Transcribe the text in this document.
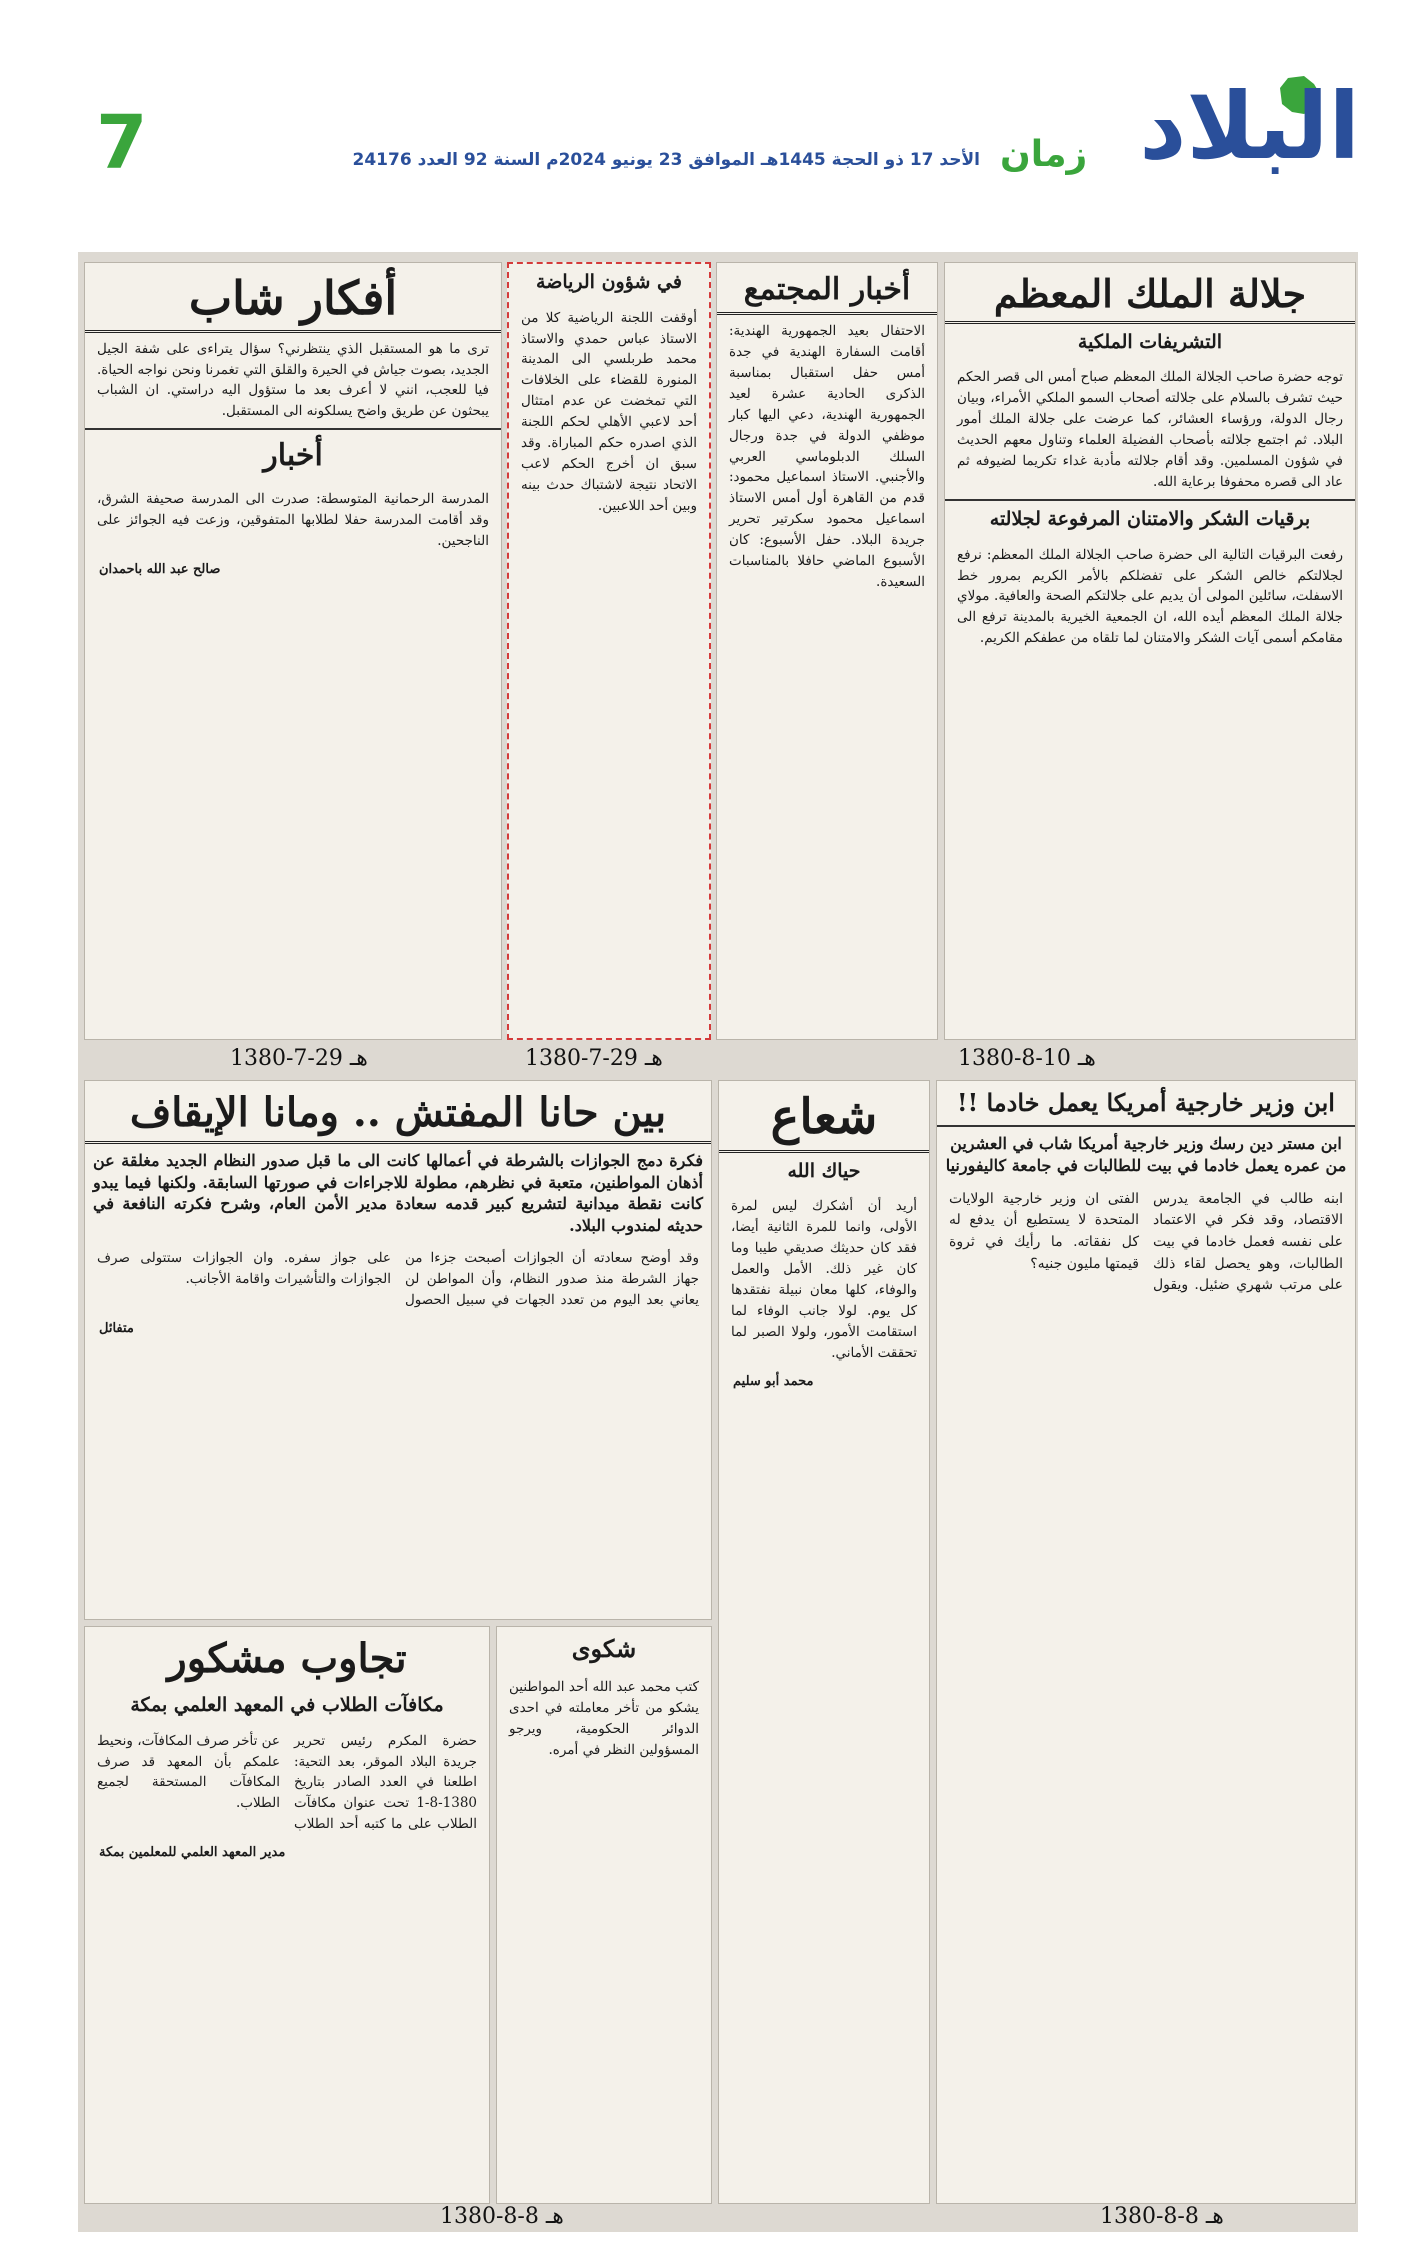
7	الأحد 17 ذو الحجة 1445هـ الموافق 23 يونيو 2024م السنة 92 العدد 24176 زمان البلاد
جلالة الملك المعظم
التشريفات الملكية
توجه حضرة صاحب الجلالة الملك المعظم صباح أمس الى قصر الحكم حيث تشرف بالسلام على جلالته أصحاب السمو الملكي الأمراء، وبيان رجال الدولة، ورؤساء العشائر، كما عرضت على جلالة الملك أمور البلاد. ثم اجتمع جلالته بأصحاب الفضيلة العلماء وتناول معهم الحديث في شؤون المسلمين. وقد أقام جلالته مأدبة غداء تكريما لضيوفه ثم عاد الى قصره محفوفا برعاية الله.
برقيات الشكر والامتنان المرفوعة لجلالته
رفعت البرقيات التالية الى حضرة صاحب الجلالة الملك المعظم: نرفع لجلالتكم خالص الشكر على تفضلكم بالأمر الكريم بمرور خط الاسفلت، سائلين المولى أن يديم على جلالتكم الصحة والعافية. مولاي جلالة الملك المعظم أيده الله، ان الجمعية الخيرية بالمدينة ترفع الى مقامكم أسمى آيات الشكر والامتنان لما تلقاه من عطفكم الكريم.
أخبار المجتمع
الاحتفال بعيد الجمهورية الهندية: أقامت السفارة الهندية في جدة أمس حفل استقبال بمناسبة الذكرى الحادية عشرة لعيد الجمهورية الهندية، دعي اليها كبار موظفي الدولة في جدة ورجال السلك الدبلوماسي العربي والأجنبي. الاستاذ اسماعيل محمود: قدم من القاهرة أول أمس الاستاذ اسماعيل محمود سكرتير تحرير جريدة البلاد. حفل الأسبوع: كان الأسبوع الماضي حافلا بالمناسبات السعيدة.
في شؤون الرياضة
أوقفت اللجنة الرياضية كلا من الاستاذ عباس حمدي والاستاذ محمد طربلسي الى المدينة المنورة للقضاء على الخلافات التي تمخضت عن عدم امتثال أحد لاعبي الأهلي لحكم اللجنة الذي اصدره حكم المباراة. وقد سبق ان أخرج الحكم لاعب الاتحاد نتيجة لاشتباك حدث بينه وبين أحد اللاعبين.
أفكار شاب
ترى ما هو المستقبل الذي ينتظرني؟ سؤال يتراءى على شفة الجيل الجديد، بصوت جياش في الحيرة والقلق التي تغمرنا ونحن نواجه الحياة. فيا للعجب، انني لا أعرف بعد ما ستؤول اليه دراستي. ان الشباب يبحثون عن طريق واضح يسلكونه الى المستقبل.
أخبار
المدرسة الرحمانية المتوسطة: صدرت الى المدرسة صحيفة الشرق، وقد أقامت المدرسة حفلا لطلابها المتفوقين، وزعت فيه الجوائز على الناجحين.
صالح عبد الله باحمدان
1380-8-10 هـ
1380-7-29 هـ
1380-7-29 هـ
بين حانا المفتش .. ومانا الإيقاف
فكرة دمج الجوازات بالشرطة في أعمالها كانت الى ما قبل صدور النظام الجديد مغلقة عن أذهان المواطنين، متعبة في نظرهم، مطولة للاجراءات في صورتها السابقة. ولكنها فيما يبدو كانت نقطة ميدانية لتشريع كبير قدمه سعادة مدير الأمن العام، وشرح فكرته النافعة في حديثه لمندوب البلاد.
وقد أوضح سعادته أن الجوازات أصبحت جزءا من جهاز الشرطة منذ صدور النظام، وأن المواطن لن يعاني بعد اليوم من تعدد الجهات في سبيل الحصول على جواز سفره. وان الجوازات ستتولى صرف الجوازات والتأشيرات واقامة الأجانب.
متفائل
تجاوب مشكور
مكافآت الطلاب في المعهد العلمي بمكة
حضرة المكرم رئيس تحرير جريدة البلاد الموقر، بعد التحية: اطلعنا في العدد الصادر بتاريخ 1380-8-1 تحت عنوان مكافآت الطلاب على ما كتبه أحد الطلاب عن تأخر صرف المكافآت، ونحيط علمكم بأن المعهد قد صرف المكافآت المستحقة لجميع الطلاب.
مدير المعهد العلمي للمعلمين بمكة
شكوى
كتب محمد عبد الله أحد المواطنين يشكو من تأخر معاملته في احدى الدوائر الحكومية، ويرجو المسؤولين النظر في أمره.
شعاع
حياك الله
أريد أن أشكرك ليس لمرة الأولى، وانما للمرة الثانية أيضا، فقد كان حديثك صديقي طيبا وما كان غير ذلك. الأمل والعمل والوفاء، كلها معان نبيلة نفتقدها كل يوم. لولا جانب الوفاء لما استقامت الأمور، ولولا الصبر لما تحققت الأماني.
محمد أبو سليم
ابن وزير خارجية أمريكا يعمل خادما !!
ابن مستر دين رسك وزير خارجية أمريكا شاب في العشرين من عمره يعمل خادما في بيت للطالبات في جامعة كاليفورنيا
ابنه طالب في الجامعة يدرس الاقتصاد، وقد فكر في الاعتماد على نفسه فعمل خادما في بيت الطالبات، وهو يحصل لقاء ذلك على مرتب شهري ضئيل. ويقول الفتى ان وزير خارجية الولايات المتحدة لا يستطيع أن يدفع له كل نفقاته. ما رأيك في ثروة قيمتها مليون جنيه؟
1380-8-8 هـ
1380-8-8 هـ
